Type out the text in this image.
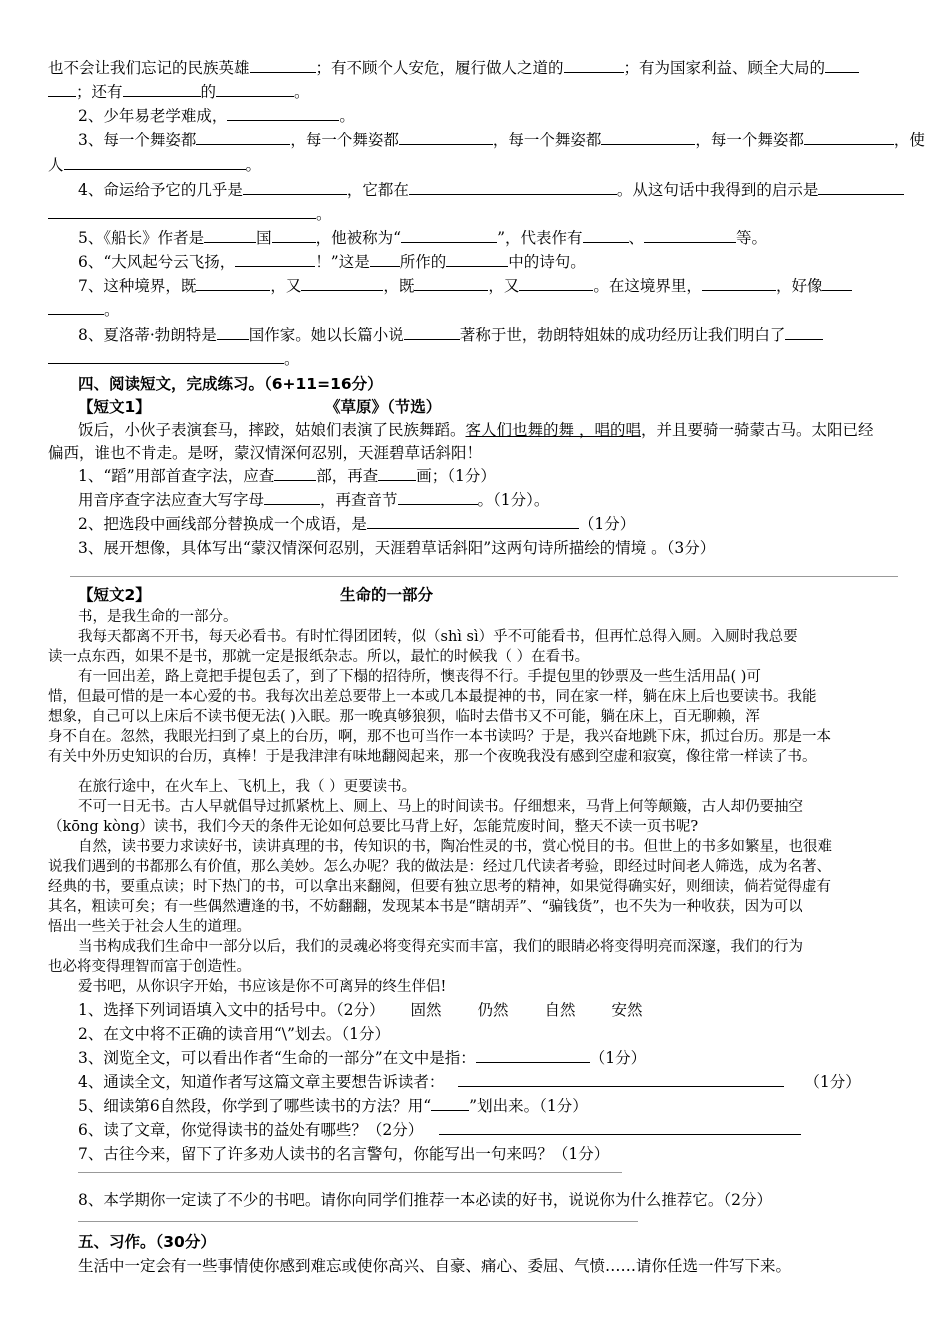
也不会让我们忘记的民族英雄	；有不顾个人安危，履行做人之道的	；有为国家利益、顾全大局的
；还有	的	。
2、少年易老学难成，	。
3、每一个舞姿都	，每一个舞姿都	，每一个舞姿都	，每一个舞姿都	，使
人	。
4、命运给予它的几乎是	，它都在	。从这句话中我得到的启示是
。
5、《船长》作者是	国	，他被称为“	”，代表作有	、	等。
6、“大风起兮云飞扬，	！”这是 所作的	中的诗句。
7、这种境界，既	，又	，既	，又	。在这境界里，	，好像
。
8、夏洛蒂·勃朗特是 国作家。她以长篇小说	著称于世，勃朗特姐妹的成功经历让我们明白了
。
四、阅读短文，完成练习。（6+11=16分）
【短文1】	《草原》（节选）
饭后，小伙子表演套马，摔跤，姑娘们表演了民族舞蹈。客人们也舞的舞 ，唱的唱，并且要骑一骑蒙古马。太阳已经
偏西，谁也不肯走。是呀，蒙汉情深何忍别，天涯碧草话斜阳！
1、“蹈”用部首查字法，应查	部，再查 画；（1分）
用音序查字法应查大写字母	，再查音节	。（1分）。
2、把选段中画线部分替换成一个成语，是	（1分）
3、展开想像，具体写出“蒙汉情深何忍别，天涯碧草话斜阳”这两句诗所描绘的情境 。（3分）
【短文2】	生命的一部分
书，是我生命的一部分。
我每天都离不开书，每天必看书。有时忙得团团转，似（shì sì）乎不可能看书，但再忙总得入厕。入厕时我总要
读一点东西，如果不是书，那就一定是报纸杂志。所以，最忙的时候我（ ）在看书。
有一回出差，路上竟把手提包丢了，到了下榻的招待所，懊丧得不行。手提包里的钞票及一些生活用品( )可
惜，但最可惜的是一本心爱的书。我每次出差总要带上一本或几本最提神的书，同在家一样，躺在床上后也要读书。我能
想象，自己可以上床后不读书便无法( )入眠。那一晚真够狼狈，临时去借书又不可能，躺在床上，百无聊赖，浑
身不自在。忽然，我眼光扫到了桌上的台历，啊，那不也可当作一本书读吗？于是，我兴奋地跳下床，抓过台历。那是一本
有关中外历史知识的台历，真棒！于是我津津有味地翻阅起来，那一个夜晚我没有感到空虚和寂寞，像往常一样读了书。
在旅行途中，在火车上、飞机上，我（ ）更要读书。
不可一日无书。古人早就倡导过抓紧枕上、厕上、马上的时间读书。仔细想来，马背上何等颠簸，古人却仍要抽空
（kōng kòng）读书，我们今天的条件无论如何总要比马背上好，怎能荒废时间，整天不读一页书呢?
自然，读书要力求读好书，读讲真理的书，传知识的书，陶冶性灵的书，赏心悦目的书。但世上的书多如繁星，也很难
说我们遇到的书都那么有价值，那么美妙。怎么办呢？我的做法是：经过几代读者考验，即经过时间老人筛选，成为名著、
经典的书，要重点读；时下热门的书，可以拿出来翻阅，但要有独立思考的精神，如果觉得确实好，则细读，倘若觉得虚有
其名，粗读可矣；有一些偶然遭逢的书，不妨翻翻，发现某本书是“瞎胡弄”、“骗钱货”，也不失为一种收获，因为可以
悟出一些关于社会人生的道理。
当书构成我们生命中一部分以后，我们的灵魂必将变得充实而丰富，我们的眼睛必将变得明亮而深邃，我们的行为
也必将变得理智而富于创造性。
爱书吧，从你识字开始，书应该是你不可离异的终生伴侣!
1、选择下列词语填入文中的括号中。（2分） 固然 仍然 自然 安然
2、在文中将不正确的读音用“\”划去。（1分）
3、浏览全文，可以看出作者“生命的一部分”在文中是指：	（1分）
4、通读全文，知道作者写这篇文章主要想告诉读者：	（1分）
5、细读第6自然段，你学到了哪些读书的方法？用“ ”划出来。（1分）
6、读了文章，你觉得读书的益处有哪些？（2分）
7、古往今来，留下了许多劝人读书的名言警句，你能写出一句来吗？（1分）
8、本学期你一定读了不少的书吧。请你向同学们推荐一本必读的好书，说说你为什么推荐它。（2分）
五、习作。（30分）
生活中一定会有一些事情使你感到难忘或使你高兴、自豪、痛心、委屈、气愤……请你任选一件写下来。
